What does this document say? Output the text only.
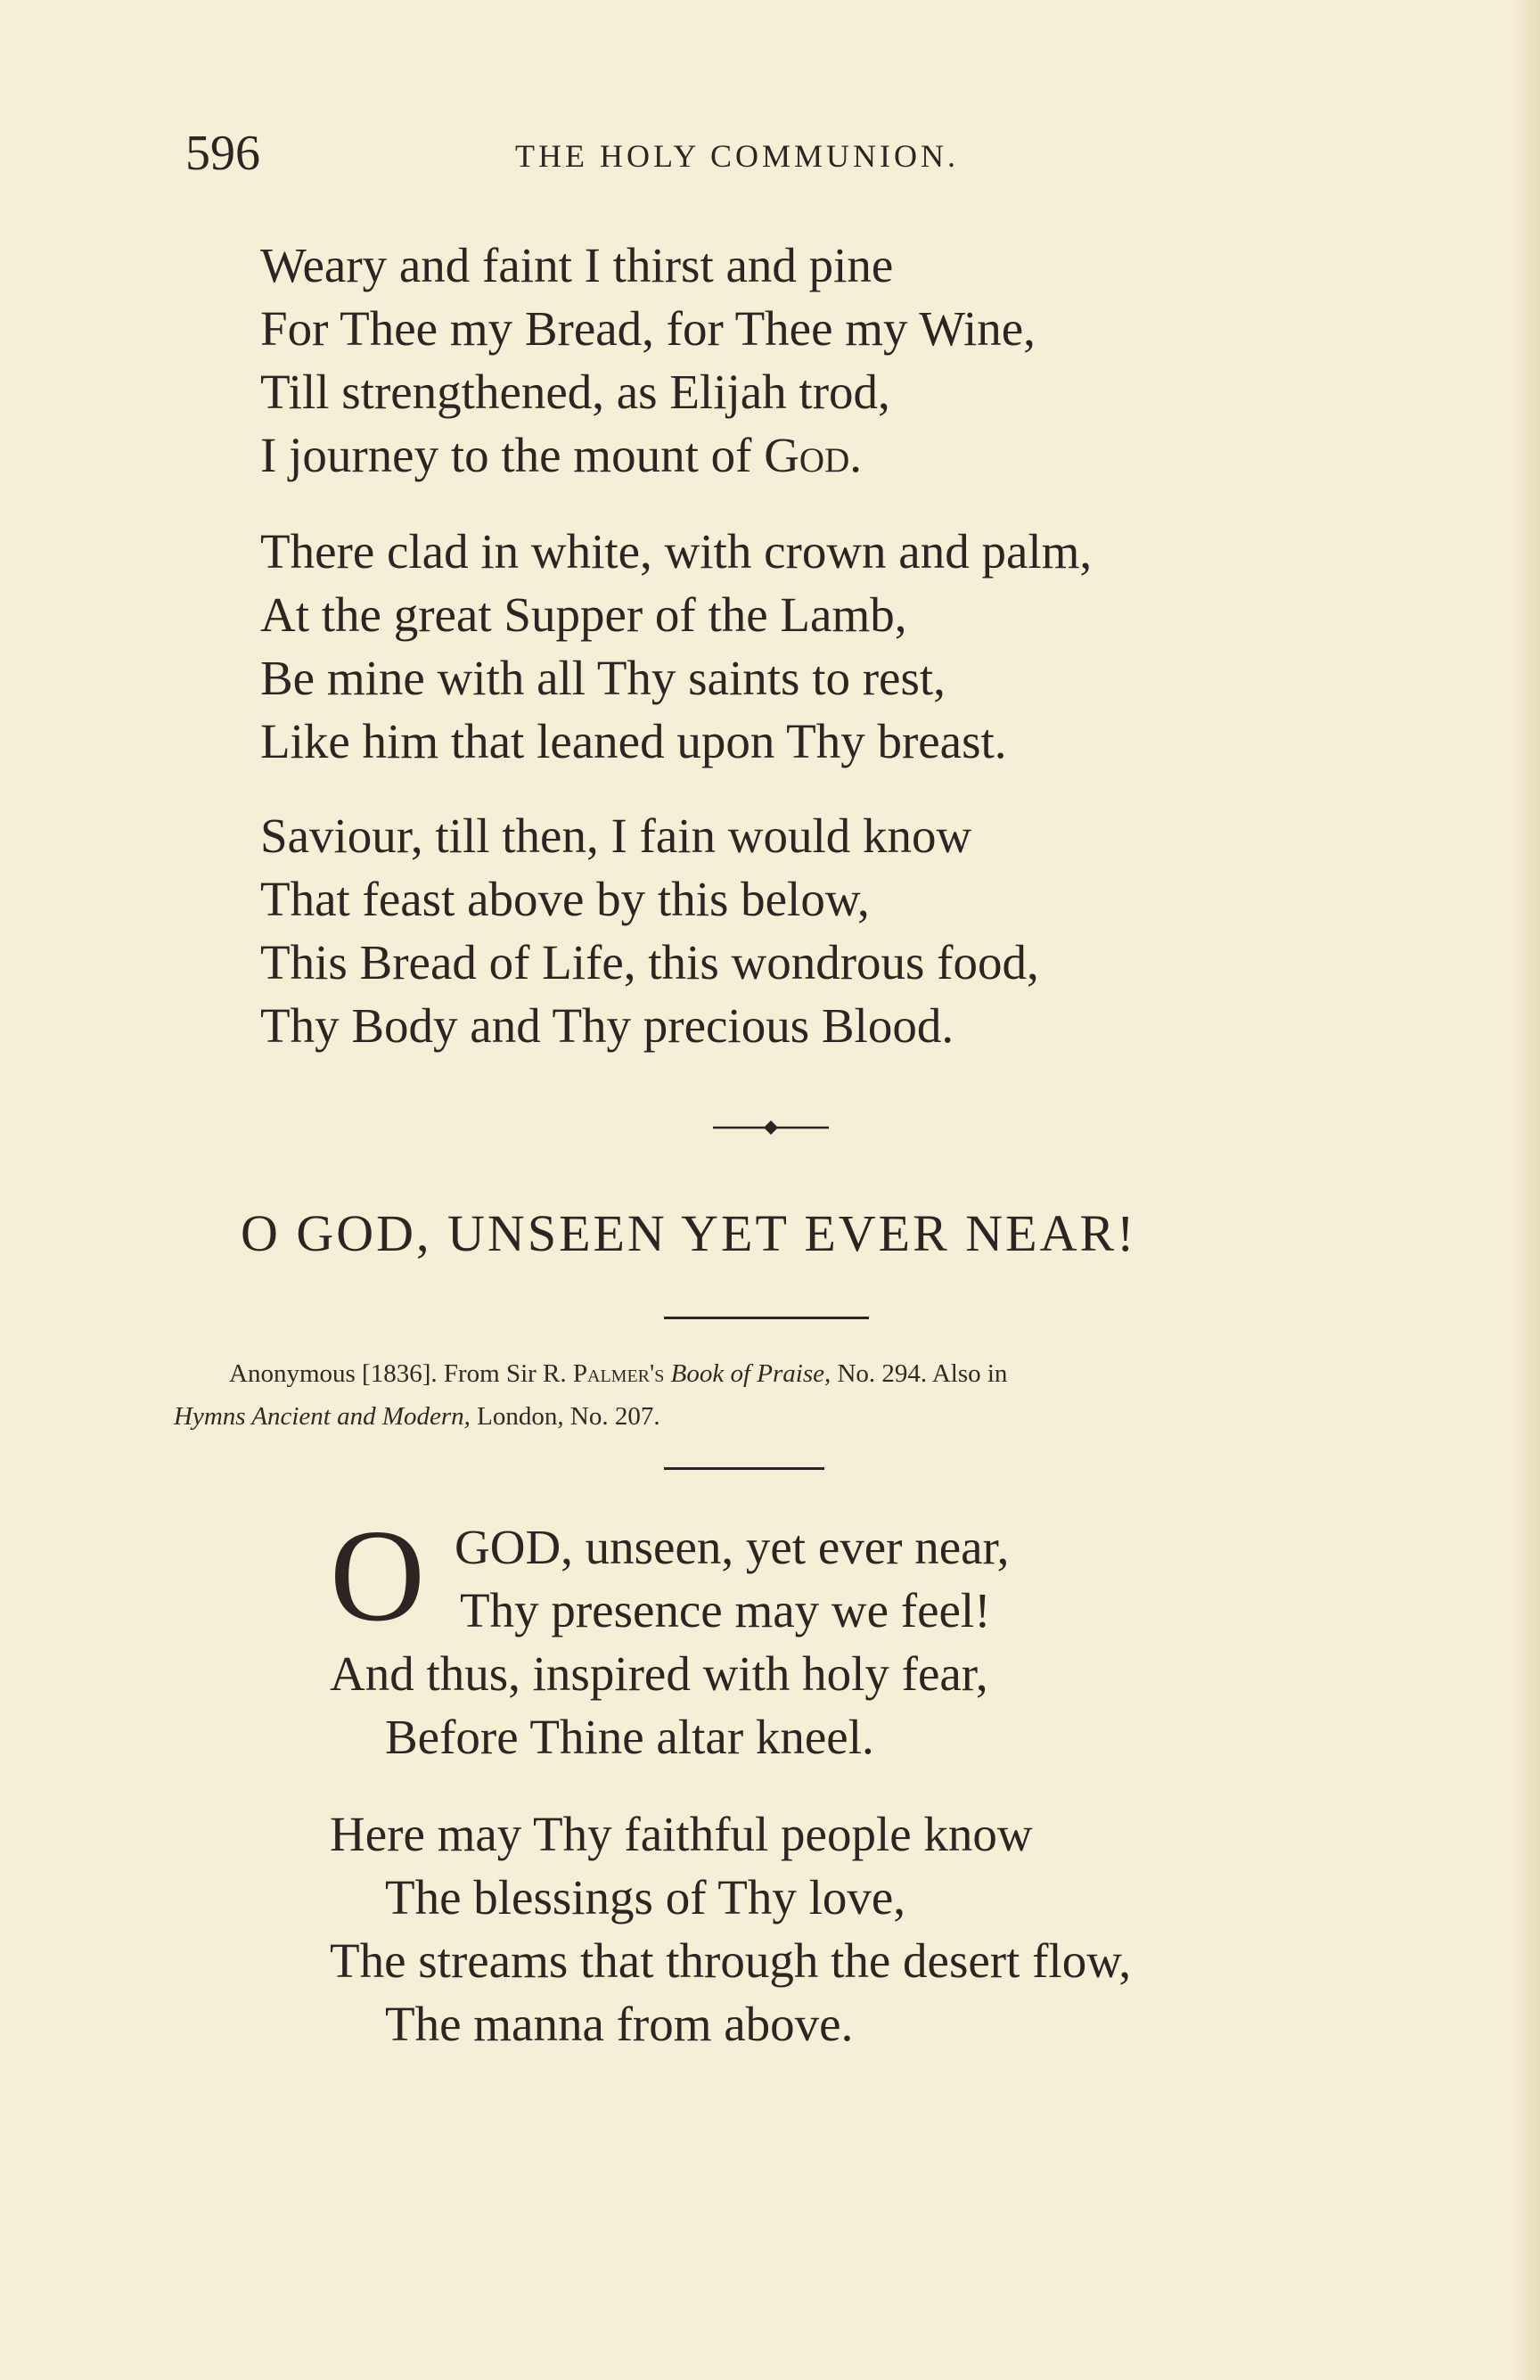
596	THE HOLY COMMUNION.
Weary and faint I thirst and pine
For Thee my Bread, for Thee my Wine,
Till strengthened, as Elijah trod,
I journey to the mount of God.
There clad in white, with crown and palm,
At the great Supper of the Lamb,
Be mine with all Thy saints to rest,
Like him that leaned upon Thy breast.
Saviour, till then, I fain would know
That feast above by this below,
This Bread of Life, this wondrous food,
Thy Body and Thy precious Blood.
O GOD, UNSEEN YET EVER NEAR!

Anonymous [1836]. From Sir R. Palmer's Book of Praise, No. 294. Also in

Hymns Ancient and Modern, London, No. 207.

O GOD, unseen, yet ever near,
Thy presence may we feel!
And thus, inspired with holy fear,
Before Thine altar kneel.
Here may Thy faithful people know
The blessings of Thy love,
The streams that through the desert flow,
The manna from above.
